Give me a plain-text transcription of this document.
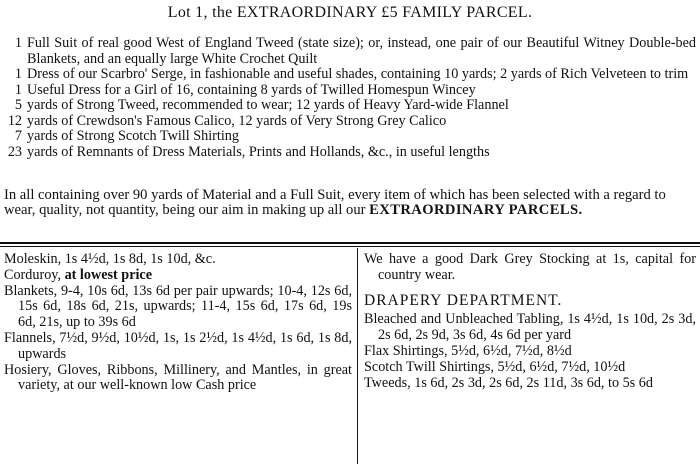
Lot 1, the EXTRAORDINARY £5 FAMILY PARCEL.
1 Full Suit of real good West of England Tweed (state size); or, instead, one pair of our Beautiful Witney Double-bed Blankets, and an equally large White Crochet Quilt
1 Dress of our Scarbro' Serge, in fashionable and useful shades, containing 10 yards; 2 yards of Rich Velveteen to trim
1 Useful Dress for a Girl of 16, containing 8 yards of Twilled Homespun Wincey
5 yards of Strong Tweed, recommended to wear; 12 yards of Heavy Yard-wide Flannel
12 yards of Crewdson's Famous Calico, 12 yards of Very Strong Grey Calico
7 yards of Strong Scotch Twill Shirting
23 yards of Remnants of Dress Materials, Prints and Hollands, &c., in useful lengths
In all containing over 90 yards of Material and a Full Suit, every item of which has been selected with a regard to wear, quality, not quantity, being our aim in making up all our EXTRAORDINARY PARCELS.

Moleskin, 1s 4½d, 1s 8d, 1s 10d, &c.

Corduroy, at lowest price

Blankets, 9-4, 10s 6d, 13s 6d per pair upwards; 10-4, 12s 6d, 15s 6d, 18s 6d, 21s, upwards; 11-4, 15s 6d, 17s 6d, 19s 6d, 21s, up to 39s 6d

Flannels, 7½d, 9½d, 10½d, 1s, 1s 2½d, 1s 4½d, 1s 6d, 1s 8d, upwards

Hosiery, Gloves, Ribbons, Millinery, and Mantles, in great variety, at our well-known low Cash price

We have a good Dark Grey Stocking at 1s, capital for country wear.

DRAPERY DEPARTMENT.

Bleached and Unbleached Tabling, 1s 4½d, 1s 10d, 2s 3d, 2s 6d, 2s 9d, 3s 6d, 4s 6d per yard

Flax Shirtings, 5½d, 6½d, 7½d, 8½d

Scotch Twill Shirtings, 5½d, 6½d, 7½d, 10½d

Tweeds, 1s 6d, 2s 3d, 2s 6d, 2s 11d, 3s 6d, to 5s 6d
